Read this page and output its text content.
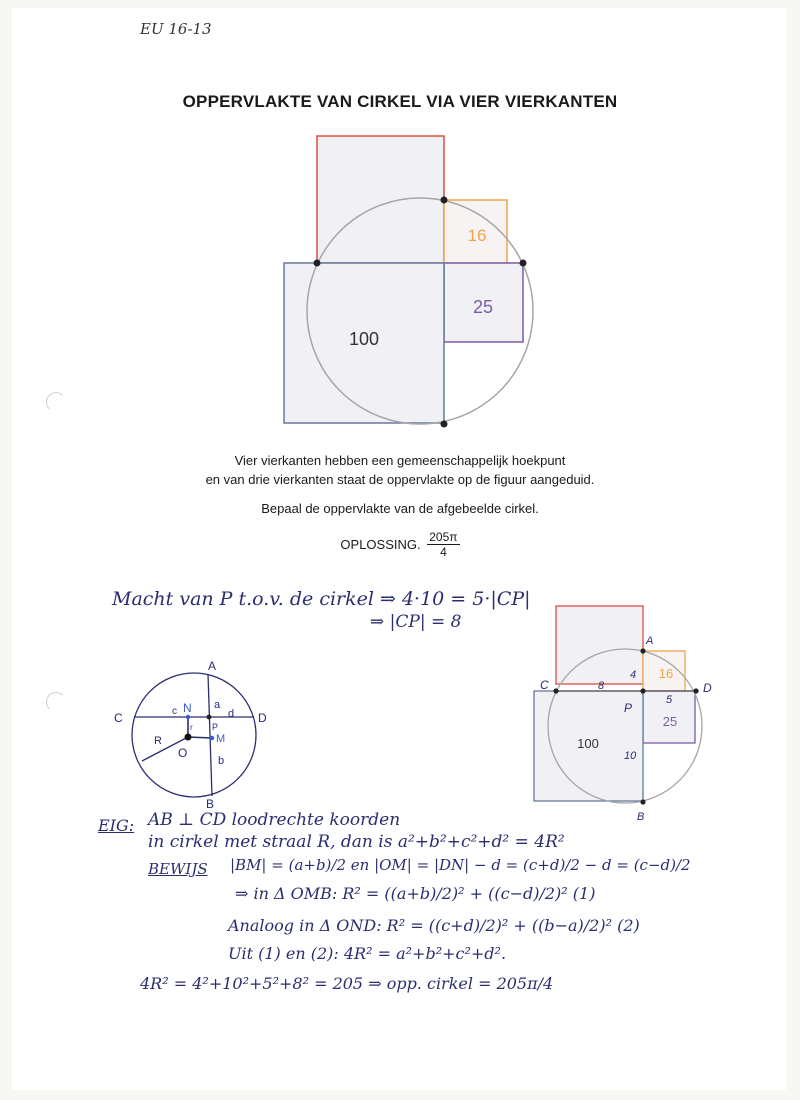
EU 16-13
OPPERVLAKTE VAN CIRKEL VIA VIER VIERKANTEN
16
25
100
Vier vierkanten hebben een gemeenschappelijk hoekpunt
en van drie vierkanten staat de oppervlakte op de figuur aangeduid.
Bepaal de oppervlakte van de afgebeelde cirkel.
OPLOSSING. $\frac{205\pi}{4}$
Macht van P t.o.v. de cirkel ⇒ 4·10 = 5·|CP|
⇒ |CP| = 8
A
B
C	D
c N a
d
P
r
M
R
O
b
A
C	D
P
B
4
8
5
10
16
25
100
EIG: AB ⊥ CD loodrechte koorden
in cirkel met straal R, dan is a²+b²+c²+d² = 4R²
BEWIJS |BM| = (a+b)/2 en |OM| = |DN| − d = (c+d)/2 − d = (c−d)/2
⇒ in Δ OMB: R² = ((a+b)/2)² + ((c−d)/2)² (1)
Analoog in Δ OND: R² = ((c+d)/2)² + ((b−a)/2)² (2)
Uit (1) en (2): 4R² = a²+b²+c²+d².
4R² = 4²+10²+5²+8² = 205 ⇒ opp. cirkel = 205π/4
